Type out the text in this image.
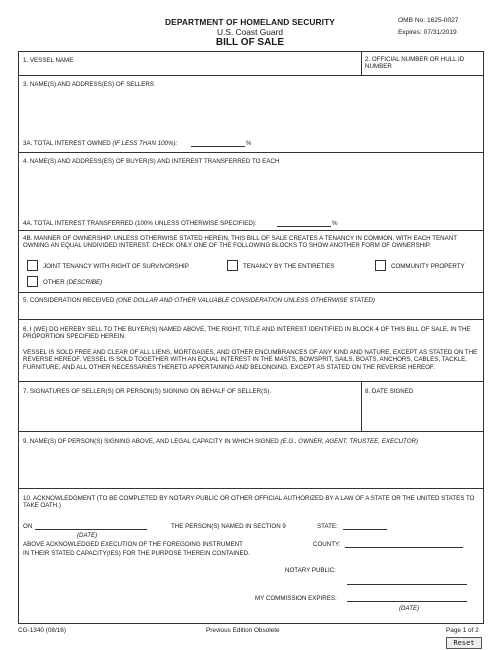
DEPARTMENT OF HOMELAND SECURITY
U.S. Coast Guard
BILL OF SALE
OMB No: 1625-0027
Expires: 07/31/2019
1. VESSEL NAME	2. OFFICIAL NUMBER OR HULL ID NUMBER
3. NAME(S) AND ADDRESS(ES) OF SELLERS
3A. TOTAL INTEREST OWNED (IF LESS THAN 100%):	%
4. NAME(S) AND ADDRESS(ES) OF BUYER(S) AND INTEREST TRANSFERRED TO EACH
4A. TOTAL INTEREST TRANSFERRED (100% UNLESS OTHERWISE SPECIFIED):	%
4B. MANNER OF OWNERSHIP. UNLESS OTHERWISE STATED HEREIN, THIS BILL OF SALE CREATES A TENANCY IN COMMON, WITH EACH TENANT OWNING AN EQUAL UNDIVIDED INTEREST. CHECK ONLY ONE OF THE FOLLOWING BLOCKS TO SHOW ANOTHER FORM OF OWNERSHIP.
JOINT TENANCY WITH RIGHT OF SURVIVORSHIP	TENANCY BY THE ENTIRETIES	COMMUNITY PROPERTY
OTHER (DESCRIBE)
5. CONSIDERATION RECEIVED (ONE DOLLAR AND OTHER VALUABLE CONSIDERATION UNLESS OTHERWISE STATED)
6. I (WE) DO HEREBY SELL TO THE BUYER(S) NAMED ABOVE, THE RIGHT, TITLE AND INTEREST IDENTIFIED IN BLOCK 4 OF THIS BILL OF SALE, IN THE PROPORTION SPECIFIED HEREIN.
VESSEL IS SOLD FREE AND CLEAR OF ALL LIENS, MORTGAGES, AND OTHER ENCUMBRANCES OF ANY KIND AND NATURE, EXCEPT AS STATED ON THE REVERSE HEREOF. VESSEL IS SOLD TOGETHER WITH AN EQUAL INTEREST IN THE MASTS, BOWSPRIT, SAILS, BOATS, ANCHORS, CABLES, TACKLE, FURNITURE, AND ALL OTHER NECESSARIES THERETO APPERTAINING AND BELONGING, EXCEPT AS STATED ON THE REVERSE HEREOF.
7. SIGNATURES OF SELLER(S) OR PERSON(S) SIGNING ON BEHALF OF SELLER(S).	8. DATE SIGNED
9. NAME(S) OF PERSON(S) SIGNING ABOVE, AND LEGAL CAPACITY IN WHICH SIGNED (E.G., OWNER, AGENT, TRUSTEE, EXECUTOR)
10. ACKNOWLEDGMENT (TO BE COMPLETED BY NOTARY PUBLIC OR OTHER OFFICIAL AUTHORIZED BY A LAW OF A STATE OR THE UNITED STATES TO TAKE OATH.)
ON
(DATE)
THE PERSON(S) NAMED IN SECTION 9	STATE:
ABOVE ACKNOWLEDGED EXECUTION OF THE FOREGOING INSTRUMENT
IN THEIR STATED CAPACITY(IES) FOR THE PURPOSE THEREIN CONTAINED.
COUNTY:
NOTARY PUBLIC:
MY COMMISSION EXPIRES:
(DATE)
CG-1340 (08/16)	Previous Edition Obsolete	Page 1 of 2
Reset
